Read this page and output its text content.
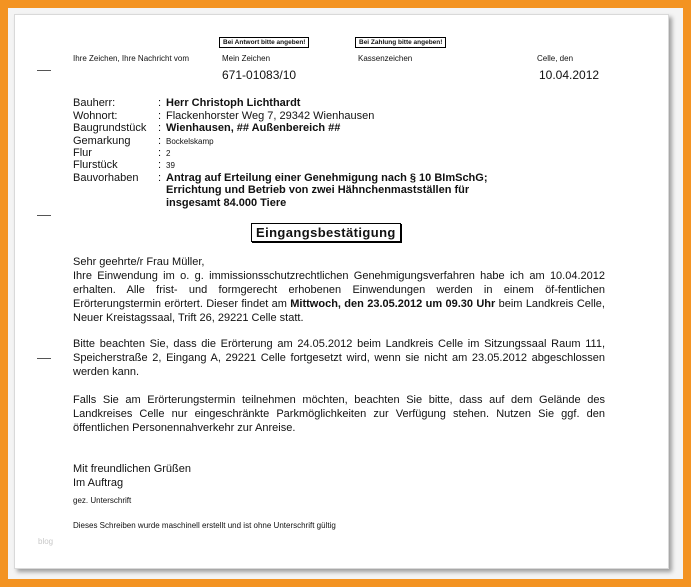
Bei Antwort bitte angeben!	Bei Zahlung bitte angeben!
Ihre Zeichen, Ihre Nachricht vom	Mein Zeichen	Kassenzeichen	Celle, den
671-01083/10	10.04.2012
Bauherr:	: Herr Christoph Lichthardt
Wohnort:	: Flackenhorster Weg 7, 29342 Wienhausen
Baugrundstück : Wienhausen, ## Außenbereich ##
Gemarkung	: Bockelskamp
Flur	: 2
Flurstück	: 39
Bauvorhaben : Antrag auf Erteilung einer Genehmigung nach § 10 BImSchG;
Errichtung und Betrieb von zwei Hähnchenmastställen für
insgesamt 84.000 Tiere
Eingangsbestätigung
Sehr geehrte/r Frau Müller,
Ihre Einwendung im o. g. immissionsschutzrechtlichen Genehmigungsverfahren habe ich am 10.04.2012 erhalten. Alle frist- und formgerecht erhobenen Einwendungen werden in einem öf-fentlichen Erörterungstermin erörtert. Dieser findet am Mittwoch, den 23.05.2012 um 09.30 Uhr beim Landkreis Celle, Neuer Kreistagssaal, Trift 26, 29221 Celle statt.
Bitte beachten Sie, dass die Erörterung am 24.05.2012 beim Landkreis Celle im Sitzungssaal Raum 111, Speicherstraße 2, Eingang A, 29221 Celle fortgesetzt wird, wenn sie nicht am 23.05.2012 abgeschlossen werden kann.
Falls Sie am Erörterungstermin teilnehmen möchten, beachten Sie bitte, dass auf dem Gelände des Landkreises Celle nur eingeschränkte Parkmöglichkeiten zur Verfügung stehen. Nutzen Sie ggf. den öffentlichen Personennahverkehr zur Anreise.
Mit freundlichen Grüßen
Im Auftrag
gez. Unterschrift
Dieses Schreiben wurde maschinell erstellt und ist ohne Unterschrift gültig
blog
